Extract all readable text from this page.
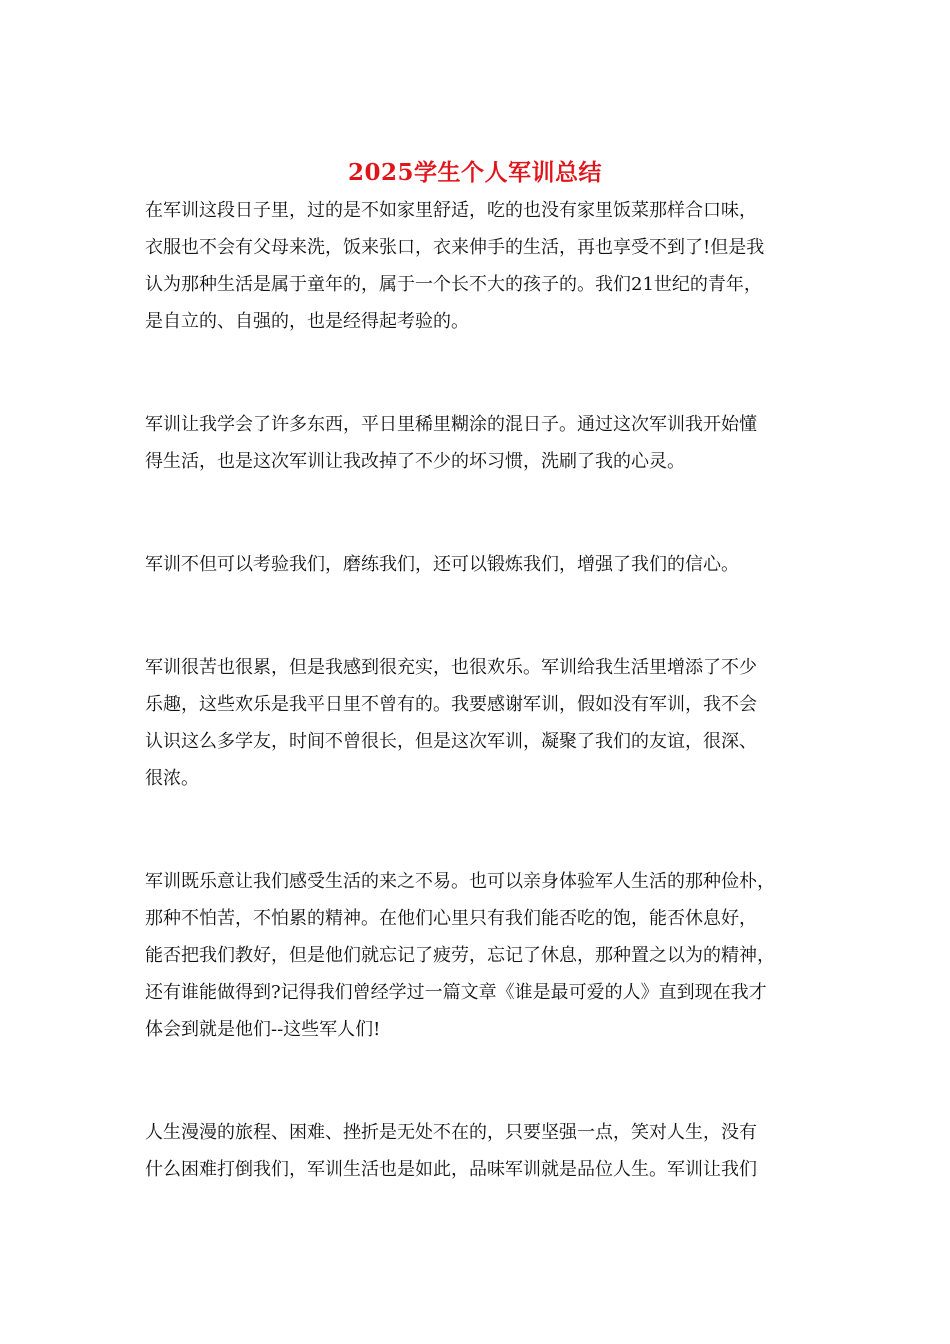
2025学生个人军训总结
在军训这段日子里，过的是不如家里舒适，吃的也没有家里饭菜那样合口味，
衣服也不会有父母来洗，饭来张口，衣来伸手的生活，再也享受不到了!但是我
认为那种生活是属于童年的，属于一个长不大的孩子的。我们21世纪的青年，
是自立的、自强的，也是经得起考验的。
军训让我学会了许多东西，平日里稀里糊涂的混日子。通过这次军训我开始懂
得生活，也是这次军训让我改掉了不少的坏习惯，洗刷了我的心灵。
军训不但可以考验我们，磨练我们，还可以锻炼我们，增强了我们的信心。
军训很苦也很累，但是我感到很充实，也很欢乐。军训给我生活里增添了不少
乐趣，这些欢乐是我平日里不曾有的。我要感谢军训，假如没有军训，我不会
认识这么多学友，时间不曾很长，但是这次军训，凝聚了我们的友谊，很深、
很浓。
军训既乐意让我们感受生活的来之不易。也可以亲身体验军人生活的那种俭朴，
那种不怕苦，不怕累的精神。在他们心里只有我们能否吃的饱，能否休息好，
能否把我们教好，但是他们就忘记了疲劳，忘记了休息，那种置之以为的精神，
还有谁能做得到?记得我们曾经学过一篇文章《谁是最可爱的人》直到现在我才
体会到就是他们--这些军人们!
人生漫漫的旅程、困难、挫折是无处不在的，只要坚强一点，笑对人生，没有
什么困难打倒我们，军训生活也是如此，品味军训就是品位人生。军训让我们
